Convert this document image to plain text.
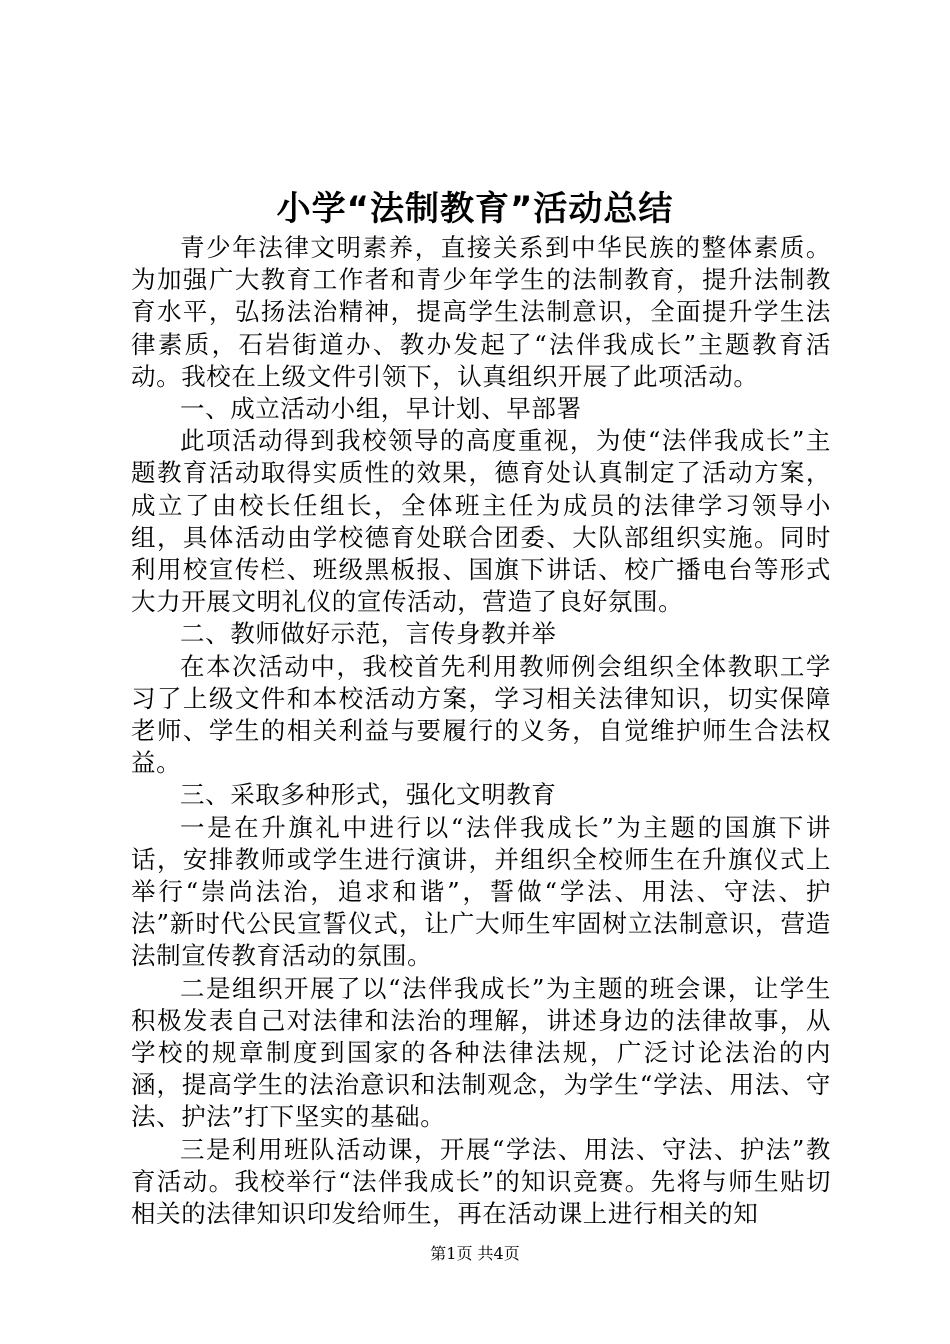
小学“法制教育”活动总结

青少年法律文明素养，直接关系到中华民族的整体素质。为加强广大教育工作者和青少年学生的法制教育，提升法制教育水平，弘扬法治精神，提高学生法制意识，全面提升学生法律素质，石岩街道办、教办发起了“法伴我成长”主题教育活动。我校在上级文件引领下，认真组织开展了此项活动。

一、成立活动小组，早计划、早部署

此项活动得到我校领导的高度重视，为使“法伴我成长”主题教育活动取得实质性的效果，德育处认真制定了活动方案，成立了由校长任组长，全体班主任为成员的法律学习领导小组，具体活动由学校德育处联合团委、大队部组织实施。同时利用校宣传栏、班级黑板报、国旗下讲话、校广播电台等形式大力开展文明礼仪的宣传活动，营造了良好氛围。

二、教师做好示范，言传身教并举

在本次活动中，我校首先利用教师例会组织全体教职工学习了上级文件和本校活动方案，学习相关法律知识，切实保障老师、学生的相关利益与要履行的义务，自觉维护师生合法权益。

三、采取多种形式，强化文明教育

一是在升旗礼中进行以“法伴我成长”为主题的国旗下讲话，安排教师或学生进行演讲，并组织全校师生在升旗仪式上举行“崇尚法治，追求和谐”，誓做“学法、用法、守法、护法”新时代公民宣誓仪式，让广大师生牢固树立法制意识，营造法制宣传教育活动的氛围。

二是组织开展了以“法伴我成长”为主题的班会课，让学生积极发表自己对法律和法治的理解，讲述身边的法律故事，从学校的规章制度到国家的各种法律法规，广泛讨论法治的内涵，提高学生的法治意识和法制观念，为学生“学法、用法、守法、护法”打下坚实的基础。

三是利用班队活动课，开展“学法、用法、守法、护法”教育活动。我校举行“法伴我成长”的知识竞赛。先将与师生贴切相关的法律知识印发给师生，再在活动课上进行相关的知

第1页 共4页
